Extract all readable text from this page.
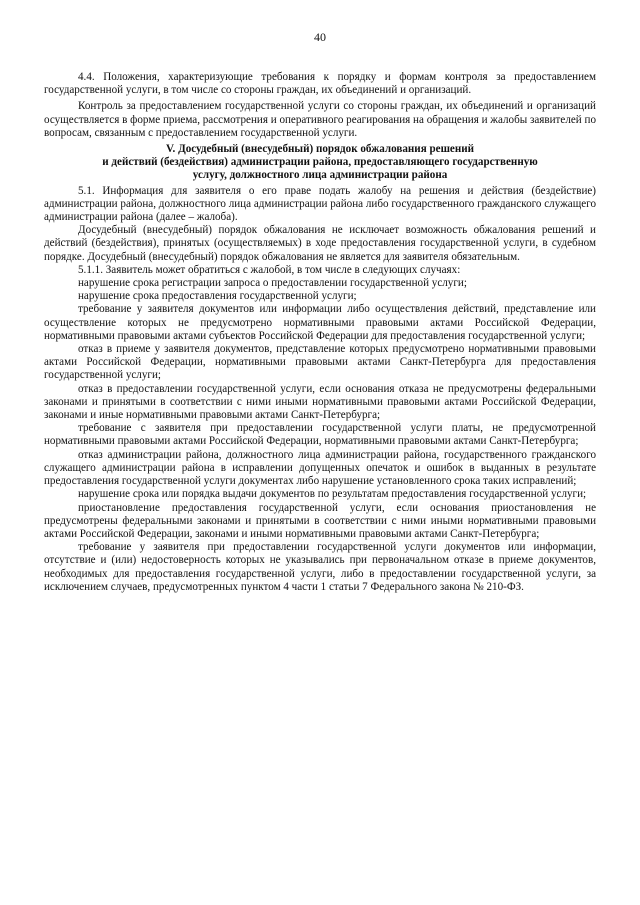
40

4.4. Положения, характеризующие требования к порядку и формам контроля за предоставлением государственной услуги, в том числе со стороны граждан, их объединений и организаций.

Контроль за предоставлением государственной услуги со стороны граждан, их объединений и организаций осуществляется в форме приема, рассмотрения и оперативного реагирования на обращения и жалобы заявителей по вопросам, связанным с предоставлением государственной услуги.

V. Досудебный (внесудебный) порядок обжалования решений
и действий (бездействия) администрации района, предоставляющего государственную
услугу, должностного лица администрации района

5.1. Информация для заявителя о его праве подать жалобу на решения и действия (бездействие) администрации района, должностного лица администрации района либо государственного гражданского служащего администрации района (далее – жалоба).

Досудебный (внесудебный) порядок обжалования не исключает возможность обжалования решений и действий (бездействия), принятых (осуществляемых) в ходе предоставления государственной услуги, в судебном порядке. Досудебный (внесудебный) порядок обжалования не является для заявителя обязательным.

5.1.1. Заявитель может обратиться с жалобой, в том числе в следующих случаях:

нарушение срока регистрации запроса о предоставлении государственной услуги;

нарушение срока предоставления государственной услуги;

требование у заявителя документов или информации либо осуществления действий, представление или осуществление которых не предусмотрено нормативными правовыми актами Российской Федерации, нормативными правовыми актами субъектов Российской Федерации для предоставления государственной услуги;

отказ в приеме у заявителя документов, представление которых предусмотрено нормативными правовыми актами Российской Федерации, нормативными правовыми актами Санкт-Петербурга для предоставления государственной услуги;

отказ в предоставлении государственной услуги, если основания отказа не предусмотрены федеральными законами и принятыми в соответствии с ними иными нормативными правовыми актами Российской Федерации, законами и иные нормативными правовыми актами Санкт-Петербурга;

требование с заявителя при предоставлении государственной услуги платы, не предусмотренной нормативными правовыми актами Российской Федерации, нормативными правовыми актами Санкт-Петербурга;

отказ администрации района, должностного лица администрации района, государственного гражданского служащего администрации района в исправлении допущенных опечаток и ошибок в выданных в результате предоставления государственной услуги документах либо нарушение установленного срока таких исправлений;

нарушение срока или порядка выдачи документов по результатам предоставления государственной услуги;

приостановление предоставления государственной услуги, если основания приостановления не предусмотрены федеральными законами и принятыми в соответствии с ними иными нормативными правовыми актами Российской Федерации, законами и иными нормативными правовыми актами Санкт-Петербурга;

требование у заявителя при предоставлении государственной услуги документов или информации, отсутствие и (или) недостоверность которых не указывались при первоначальном отказе в приеме документов, необходимых для предоставления государственной услуги, либо в предоставлении государственной услуги, за исключением случаев, предусмотренных пунктом 4 части 1 статьи 7 Федерального закона № 210-ФЗ.
